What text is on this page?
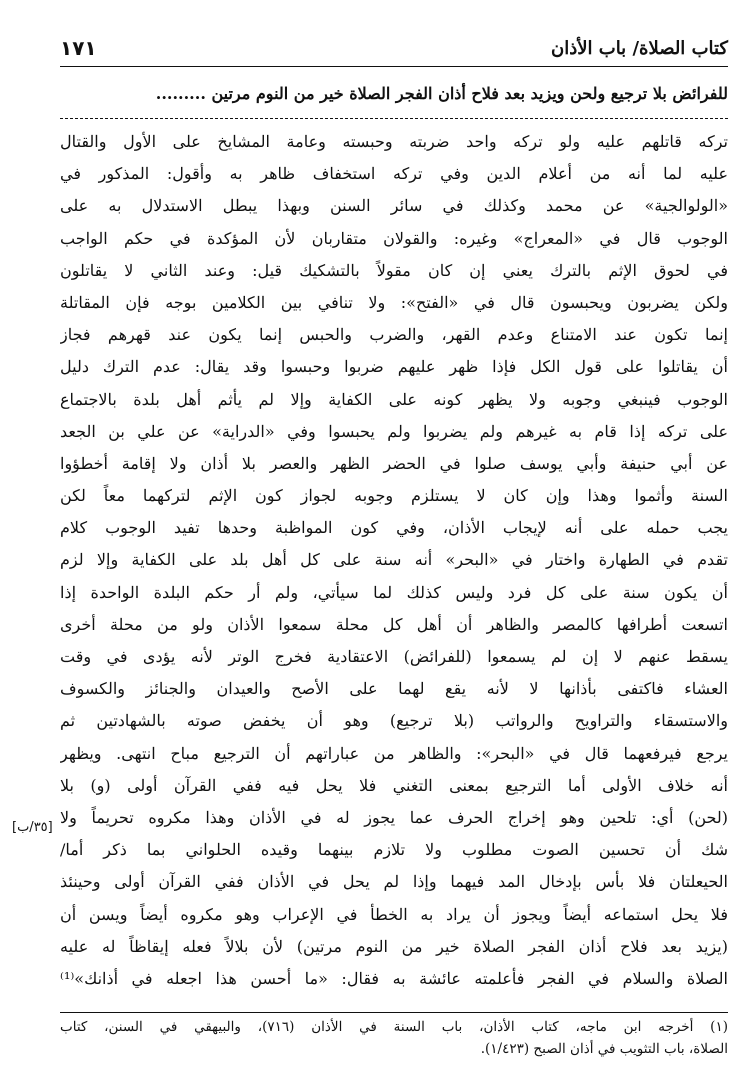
كتاب الصلاة/ باب الأذان
١٧١
للفرائض بلا ترجيع ولحن ويزيد بعد فلاح أذان الفجر الصلاة خير من النوم مرتين .........
تركه قاتلهم عليه ولو تركه واحد ضربته وحبسته وعامة المشايخ على الأول والقتال
عليه لما أنه من أعلام الدين وفي تركه استخفاف ظاهر به وأقول: المذكور في
«الولوالجية» عن محمد وكذلك في سائر السنن وبهذا يبطل الاستدلال به على
الوجوب قال في «المعراج» وغيره: والقولان متقاربان لأن المؤكدة في حكم الواجب
في لحوق الإثم بالترك يعني إن كان مقولاً بالتشكيك قيل: وعند الثاني لا يقاتلون
ولكن يضربون ويحبسون قال في «الفتح»: ولا تنافي بين الكلامين بوجه فإن المقاتلة
إنما تكون عند الامتناع وعدم القهر، والضرب والحبس إنما يكون عند قهرهم فجاز
أن يقاتلوا على قول الكل فإذا ظهر عليهم ضربوا وحبسوا وقد يقال: عدم الترك دليل
الوجوب فينبغي وجوبه ولا يظهر كونه على الكفاية وإلا لم يأثم أهل بلدة بالاجتماع
على تركه إذا قام به غيرهم ولم يضربوا ولم يحبسوا وفي «الدراية» عن علي بن الجعد
عن أبي حنيفة وأبي يوسف صلوا في الحضر الظهر والعصر بلا أذان ولا إقامة أخطؤوا
السنة وأثموا وهذا وإن كان لا يستلزم وجوبه لجواز كون الإثم لتركهما معاً لكن
يجب حمله على أنه لإيجاب الأذان، وفي كون المواظبة وحدها تفيد الوجوب كلام
تقدم في الطهارة واختار في «البحر» أنه سنة على كل أهل بلد على الكفاية وإلا لزم
أن يكون سنة على كل فرد وليس كذلك لما سيأتي، ولم أر حكم البلدة الواحدة إذا
اتسعت أطرافها كالمصر والظاهر أن أهل كل محلة سمعوا الأذان ولو من محلة أخرى
يسقط عنهم لا إن لم يسمعوا (للفرائض) الاعتقادية فخرج الوتر لأنه يؤدى في وقت
العشاء فاكتفى بأذانها لا لأنه يقع لهما على الأصح والعيدان والجنائز والكسوف
والاستسقاء والتراويح والرواتب (بلا ترجيع) وهو أن يخفض صوته بالشهادتين ثم
يرجع فيرفعهما قال في «البحر»: والظاهر من عباراتهم أن الترجيع مباح انتهى. ويظهر
أنه خلاف الأولى أما الترجيع بمعنى التغني فلا يحل فيه ففي القرآن أولى (و) بلا
(لحن) أي: تلحين وهو إخراج الحرف عما يجوز له في الأذان وهذا مكروه تحريماً ولا
شك أن تحسين الصوت مطلوب ولا تلازم بينهما وقيده الحلواني بما ذكر أما/
الحيعلتان فلا بأس بإدخال المد فيهما وإذا لم يحل في الأذان ففي القرآن أولى وحينئذ
فلا يحل استماعه أيضاً ويجوز أن يراد به الخطأ في الإعراب وهو مكروه أيضاً ويسن أن
(يزيد بعد فلاح أذان الفجر الصلاة خير من النوم مرتين) لأن بلالاً فعله إيقاظاً له عليه
الصلاة والسلام في الفجر فأعلمته عائشة به فقال: «ما أحسن هذا اجعله في أذانك»⁽¹⁾
[٣٥/ب]
(١) أخرجه ابن ماجه، كتاب الأذان، باب السنة في الأذان (٧١٦)، والبيهقي في السنن، كتاب
الصلاة، باب التثويب في أذان الصبح (١/٤٢٣).
